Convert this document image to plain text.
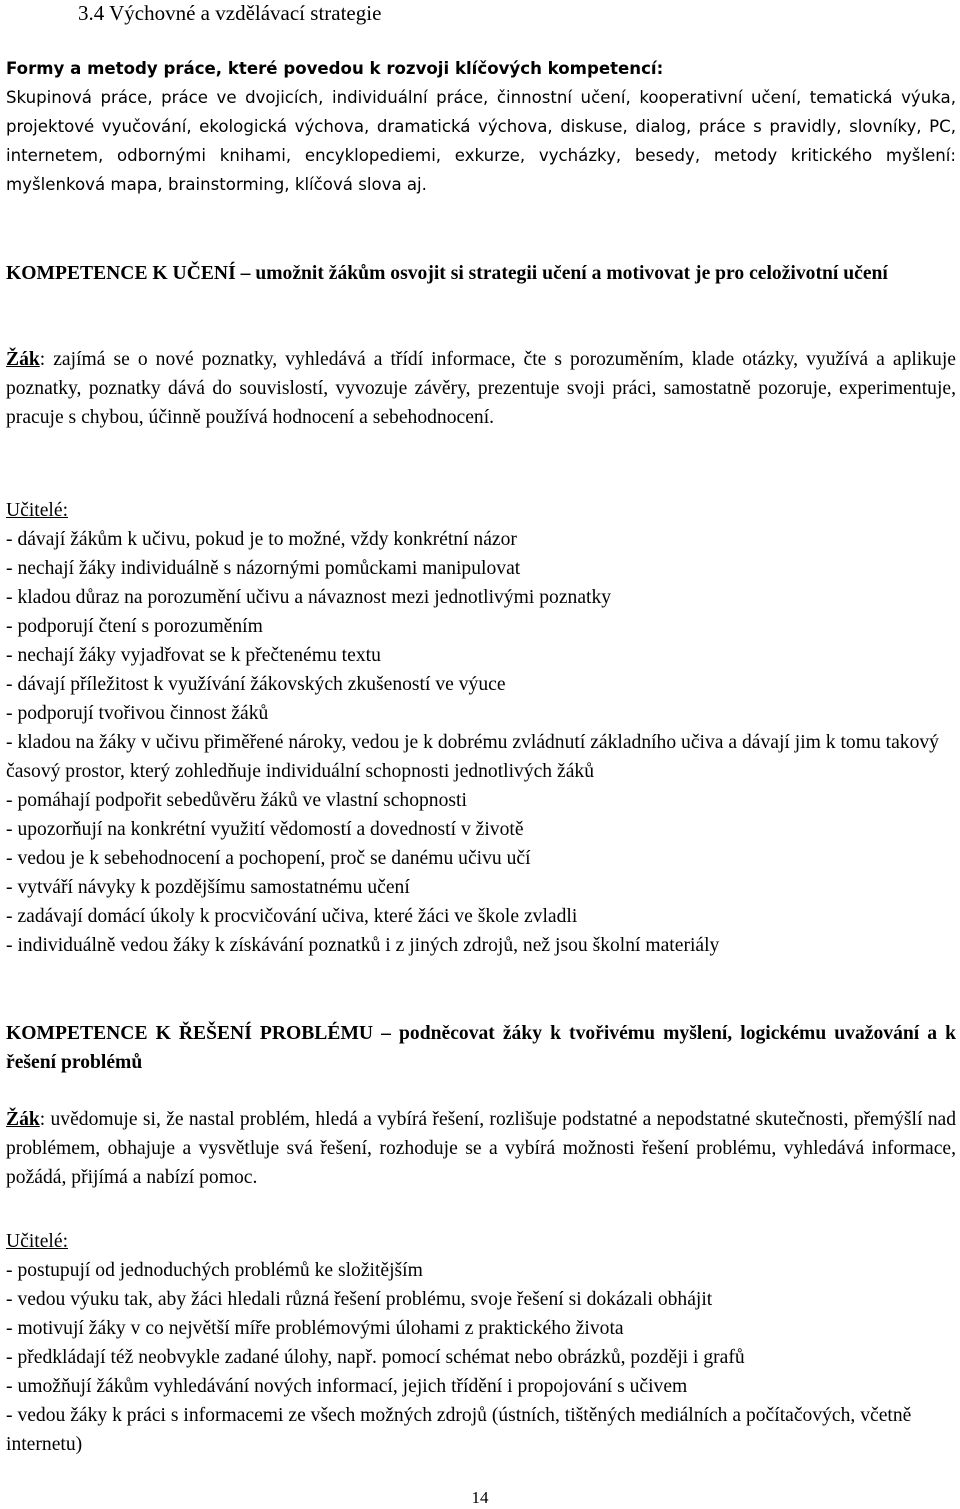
3.4 Výchovné a vzdělávací strategie
Formy a metody práce, které povedou k rozvoji klíčových kompetencí:
Skupinová práce, práce ve dvojicích, individuální práce, činnostní učení, kooperativní učení, tematická výuka, projektové vyučování, ekologická výchova, dramatická výchova, diskuse, dialog, práce s pravidly, slovníky, PC, internetem, odbornými knihami, encyklopediemi, exkurze, vycházky, besedy, metody kritického myšlení: myšlenková mapa, brainstorming, klíčová slova aj.
KOMPETENCE K UČENÍ – umožnit žákům osvojit si strategii učení a motivovat je pro celoživotní učení

Žák: zajímá se o nové poznatky, vyhledává a třídí informace, čte s porozuměním, klade otázky, využívá a aplikuje poznatky, poznatky dává do souvislostí, vyvozuje závěry, prezentuje svoji práci, samostatně pozoruje, experimentuje, pracuje s chybou, účinně používá hodnocení a sebehodnocení.

Učitelé:
- dávají žákům k učivu, pokud je to možné, vždy konkrétní názor
- nechají žáky individuálně s názornými pomůckami manipulovat
- kladou důraz na porozumění učivu a návaznost mezi jednotlivými poznatky
- podporují čtení s porozuměním
- nechají žáky vyjadřovat se k přečtenému textu
- dávají příležitost k využívání žákovských zkušeností ve výuce
- podporují tvořivou činnost žáků
- kladou na žáky v učivu přiměřené nároky, vedou je k dobrému zvládnutí základního učiva a dávají jim k tomu takový časový prostor, který zohledňuje individuální schopnosti jednotlivých žáků
- pomáhají podpořit sebedůvěru žáků ve vlastní schopnosti
- upozorňují na konkrétní využití vědomostí a dovedností v životě
- vedou je k sebehodnocení a pochopení, proč se danému učivu učí
- vytváří návyky k pozdějšímu samostatnému učení
- zadávají domácí úkoly k procvičování učiva, které žáci ve škole zvladli
- individuálně vedou žáky k získávání poznatků i z jiných zdrojů, než jsou školní materiály
KOMPETENCE K ŘEŠENÍ PROBLÉMU – podněcovat žáky k tvořivému myšlení, logickému uvažování a k řešení problémů

Žák: uvědomuje si, že nastal problém, hledá a vybírá řešení, rozlišuje podstatné a nepodstatné skutečnosti, přemýšlí nad problémem, obhajuje a vysvětluje svá řešení, rozhoduje se a vybírá možnosti řešení problému, vyhledává informace, požádá, přijímá a nabízí pomoc.

Učitelé:
- postupují od jednoduchých problémů ke složitějším
- vedou výuku tak, aby žáci hledali různá řešení problému, svoje řešení si dokázali obhájit
- motivují žáky v co největší míře problémovými úlohami z praktického života
- předkládají též neobvykle zadané úlohy, např. pomocí schémat nebo obrázků, později i grafů
- umožňují žákům vyhledávání nových informací, jejich třídění i propojování s učivem
- vedou žáky k práci s informacemi ze všech možných zdrojů (ústních, tištěných mediálních a počítačových, včetně internetu)
14
